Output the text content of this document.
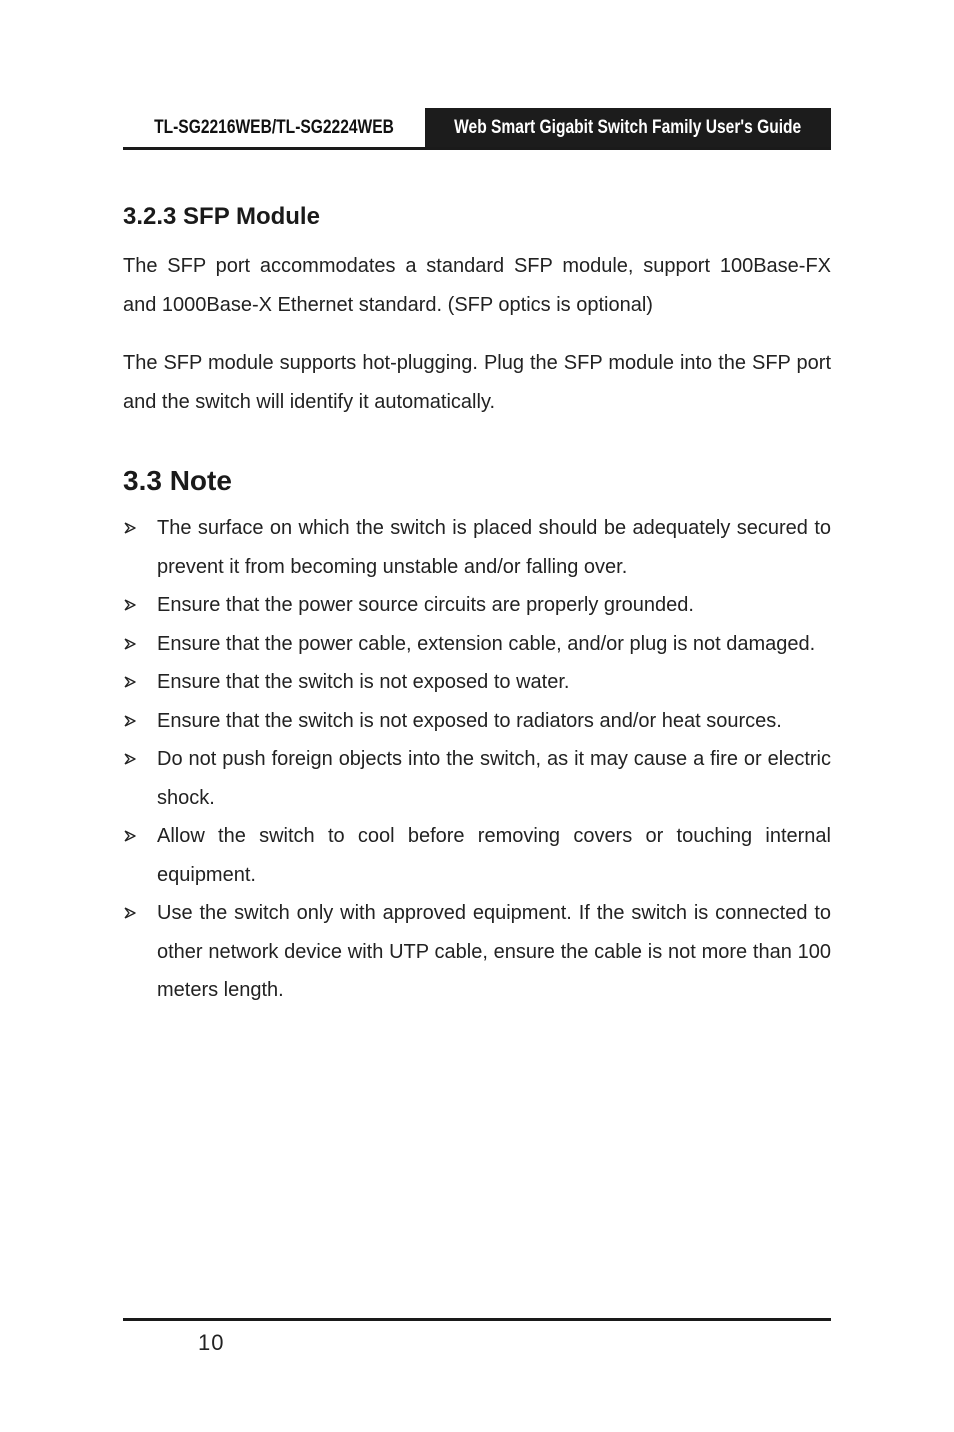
TL-SG2216WEB/TL-SG2224WEB	Web Smart Gigabit Switch Family User's Guide
3.2.3 SFP Module
The SFP port accommodates a standard SFP module, support 100Base-FX and 1000Base-X Ethernet standard. (SFP optics is optional)
The SFP module supports hot-plugging. Plug the SFP module into the SFP port and the switch will identify it automatically.
3.3 Note
The surface on which the switch is placed should be adequately secured to prevent it from becoming unstable and/or falling over.
Ensure that the power source circuits are properly grounded.
Ensure that the power cable, extension cable, and/or plug is not damaged.
Ensure that the switch is not exposed to water.
Ensure that the switch is not exposed to radiators and/or heat sources.
Do not push foreign objects into the switch, as it may cause a fire or electric shock.
Allow the switch to cool before removing covers or touching internal equipment.
Use the switch only with approved equipment. If the switch is connected to other network device with UTP cable, ensure the cable is not more than 100 meters length.
10
